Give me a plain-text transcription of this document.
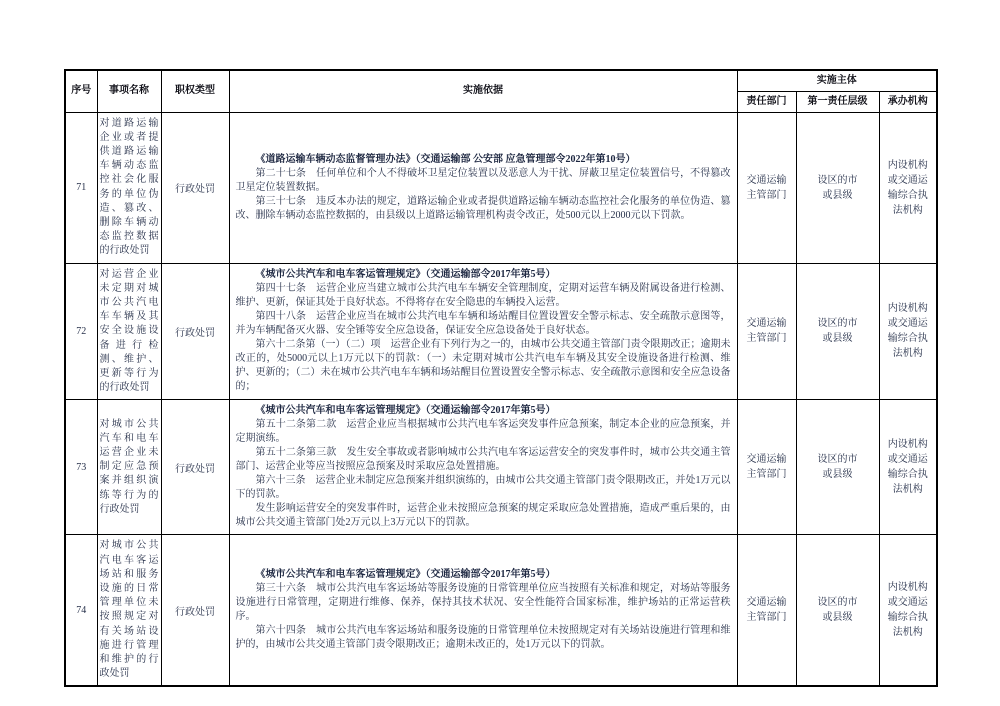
序号	事项名称	职权类型	实施依据	实施主体		
				责任部门	第一责任层级	承办机构
71	对道路运输企业或者提供道路运输车辆动态监控社会化服务的单位伪造、篡改、删除车辆动态监控数据的行政处罚	行政处罚	《道路运输车辆动态监督管理办法》（交通运输部 公安部 应急管理部令2022年第10号）

第二十七条　任何单位和个人不得破坏卫星定位装置以及恶意人为干扰、屏蔽卫星定位装置信号，不得篡改卫星定位装置数据。

第三十七条　违反本办法的规定，道路运输企业或者提供道路运输车辆动态监控社会化服务的单位伪造、篡改、删除车辆动态监控数据的，由县级以上道路运输管理机构责令改正，处500元以上2000元以下罚款。	交通运输主管部门	设区的市或县级	内设机构或交通运输综合执法机构
72	对运营企业未定期对城市公共汽电车车辆及其安全设施设备进行检测、维护、更新等行为的行政处罚	行政处罚	《城市公共汽车和电车客运管理规定》（交通运输部令2017年第5号）

第四十七条　运营企业应当建立城市公共汽电车车辆安全管理制度，定期对运营车辆及附属设备进行检测、维护、更新，保证其处于良好状态。不得将存在安全隐患的车辆投入运营。

第四十八条　运营企业应当在城市公共汽电车车辆和场站醒目位置设置安全警示标志、安全疏散示意图等，并为车辆配备灭火器、安全锤等安全应急设备，保证安全应急设备处于良好状态。

第六十二条第（一）（二）项　运营企业有下列行为之一的，由城市公共交通主管部门责令限期改正；逾期未改正的，处5000元以上1万元以下的罚款：（一）未定期对城市公共汽电车车辆及其安全设施设备进行检测、维护、更新的；（二）未在城市公共汽电车车辆和场站醒目位置设置安全警示标志、安全疏散示意图和安全应急设备的；	交通运输主管部门	设区的市或县级	内设机构或交通运输综合执法机构
73	对城市公共汽车和电车运营企业未制定应急预案并组织演练等行为的行政处罚	行政处罚	《城市公共汽车和电车客运管理规定》（交通运输部令2017年第5号）

第五十二条第二款　运营企业应当根据城市公共汽电车客运突发事件应急预案，制定本企业的应急预案，并定期演练。

第五十二条第三款　发生安全事故或者影响城市公共汽电车客运运营安全的突发事件时，城市公共交通主管部门、运营企业等应当按照应急预案及时采取应急处置措施。

第六十三条　运营企业未制定应急预案并组织演练的，由城市公共交通主管部门责令限期改正，并处1万元以下的罚款。

发生影响运营安全的突发事件时，运营企业未按照应急预案的规定采取应急处置措施，造成严重后果的，由城市公共交通主管部门处2万元以上3万元以下的罚款。	交通运输主管部门	设区的市或县级	内设机构或交通运输综合执法机构
74	对城市公共汽电车客运场站和服务设施的日常管理单位未按照规定对有关场站设施进行管理和维护的行政处罚	行政处罚	《城市公共汽车和电车客运管理规定》（交通运输部令2017年第5号）

第三十六条　城市公共汽电车客运场站等服务设施的日常管理单位应当按照有关标准和规定，对场站等服务设施进行日常管理，定期进行维修、保养，保持其技术状况、安全性能符合国家标准，维护场站的正常运营秩序。

第六十四条　城市公共汽电车客运场站和服务设施的日常管理单位未按照规定对有关场站设施进行管理和维护的，由城市公共交通主管部门责令限期改正；逾期未改正的，处1万元以下的罚款。	交通运输主管部门	设区的市或县级	内设机构或交通运输综合执法机构
